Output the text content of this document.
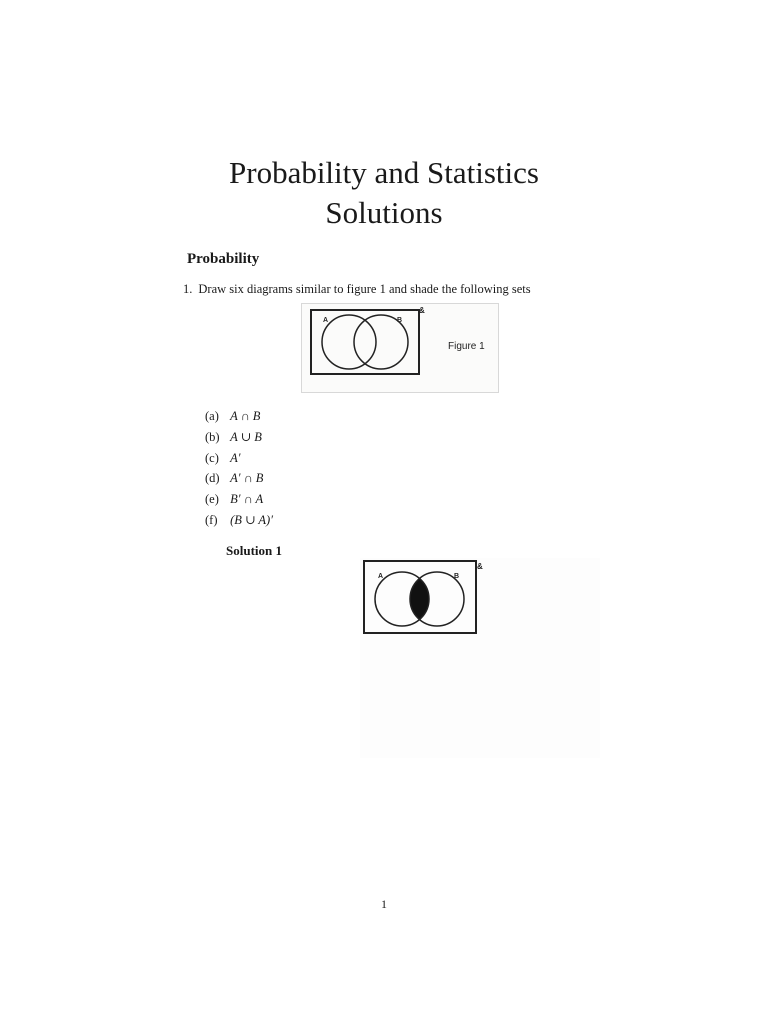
Probability and Statistics
Solutions
Probability
1. Draw six diagrams similar to figure 1 and shade the following sets
A	B
&
Figure 1
(a) A ∩ B
(b) A ∪ B
(c) A′
(d) A′ ∩ B
(e) B′ ∩ A
(f) (B ∪ A)′
Solution 1
A	B
&
1
